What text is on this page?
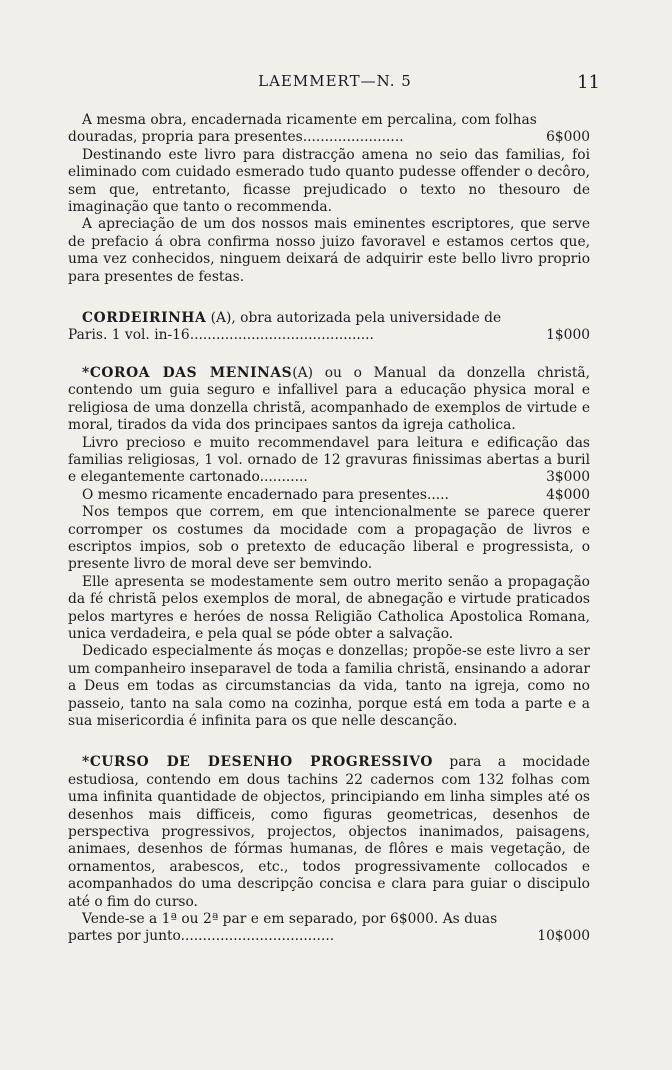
LAEMMERT—N. 5	11

A mesma obra, encadernada ricamente em percalina, com folhas

douradas, propria para presentes.......................	6$000

Destinando este livro para distracção amena no seio das familias, foi eliminado com cuidado esmerado tudo quanto pudesse offender o decôro, sem que, entretanto, ficasse prejudicado o texto no thesouro de imaginação que tanto o recommenda.

A apreciação de um dos nossos mais eminentes escriptores, que serve de prefacio á obra confirma nosso juizo favoravel e estamos certos que, uma vez conhecidos, ninguem deixará de adquirir este bello livro proprio para presentes de festas.

CORDEIRINHA (A), obra autorizada pela universidade de

Paris. 1 vol. in-16..........................................	1$000

*COROA DAS MENINAS(A) ou o Manual da donzella christã, contendo um guia seguro e infallivel para a educação physica moral e religiosa de uma donzella christã, acompanhado de exemplos de virtude e moral, tirados da vida dos principaes santos da igreja catholica.

Livro precioso e muito recommendavel para leitura e edificação das familias religiosas, 1 vol. ornado de 12 gravuras finissimas abertas a buril e elegantemente cartonado...........	3$000

O mesmo ricamente encadernado para presentes.....	4$000

Nos tempos que correm, em que intencionalmente se parece querer corromper os costumes da mocidade com a propagação de livros e escriptos impios, sob o pretexto de educação liberal e progressista, o presente livro de moral deve ser bemvindo.

Elle apresenta se modestamente sem outro merito senão a propagação da fé christã pelos exemplos de moral, de abnegação e virtude praticados pelos martyres e heróes de nossa Religião Catholica Apostolica Romana, unica verdadeira, e pela qual se póde obter a salvação.

Dedicado especialmente ás moças e donzellas; propõe-se este livro a ser um companheiro inseparavel de toda a familia christã, ensinando a adorar a Deus em todas as circumstancias da vida, tanto na igreja, como no passeio, tanto na sala como na cozinha, porque está em toda a parte e a sua misericordia é infinita para os que nelle descanção.

*CURSO DE DESENHO PROGRESSIVO para a mocidade estudiosa, contendo em dous tachins 22 cadernos com 132 folhas com uma infinita quantidade de objectos, principiando em linha simples até os desenhos mais difficeis, como figuras geometricas, desenhos de perspectiva progressivos, projectos, objectos inanimados, paisagens, animaes, desenhos de fórmas humanas, de flôres e mais vegetação, de ornamentos, arabescos, etc., todos progressivamente collocados e acompanhados do uma descripção concisa e clara para guiar o discipulo até o fim do curso.

Vende-se a 1ª ou 2ª par e em separado, por 6$000. As duas

partes por junto...................................	10$000
